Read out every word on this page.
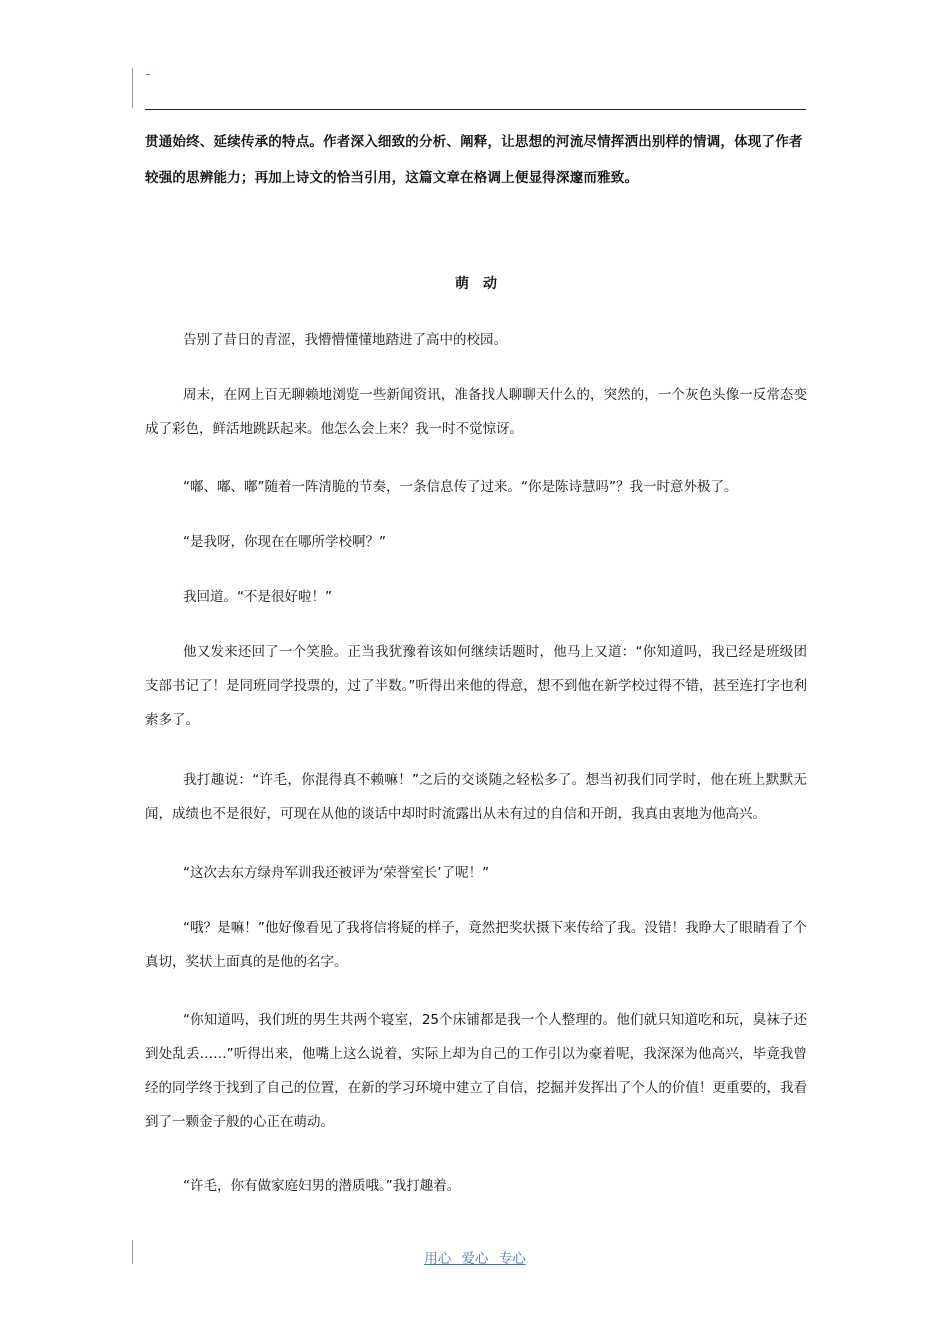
–

贯通始终、延续传承的特点。作者深入细致的分析、阐释，让思想的河流尽情挥洒出别样的情调，体现了作者较强的思辨能力；再加上诗文的恰当引用，这篇文章在格调上便显得深邃而雅致。

萌　动

告别了昔日的青涩，我懵懵懂懂地踏进了高中的校园。

周末，在网上百无聊赖地浏览一些新闻资讯，准备找人聊聊天什么的，突然的，一个灰色头像一反常态变成了彩色，鲜活地跳跃起来。他怎么会上来？我一时不觉惊讶。

“嘟、嘟、嘟”随着一阵清脆的节奏，一条信息传了过来。“你是陈诗慧吗”？我一时意外极了。

“是我呀，你现在在哪所学校啊？”

我回道。“不是很好啦！”

他又发来还回了一个笑脸。正当我犹豫着该如何继续话题时，他马上又道：“你知道吗，我已经是班级团支部书记了！是同班同学投票的，过了半数。”听得出来他的得意，想不到他在新学校过得不错，甚至连打字也利索多了。

我打趣说：“许毛，你混得真不赖嘛！”之后的交谈随之轻松多了。想当初我们同学时，他在班上默默无闻，成绩也不是很好，可现在从他的谈话中却时时流露出从未有过的自信和开朗，我真由衷地为他高兴。

“这次去东方绿舟军训我还被评为‘荣誉室长’了呢！”

“哦？是嘛！”他好像看见了我将信将疑的样子，竟然把奖状摄下来传给了我。没错！我睁大了眼睛看了个真切，奖状上面真的是他的名字。

“你知道吗，我们班的男生共两个寝室，25个床铺都是我一个人整理的。他们就只知道吃和玩，臭袜子还到处乱丢……”听得出来，他嘴上这么说着，实际上却为自己的工作引以为豪着呢，我深深为他高兴，毕竟我曾经的同学终于找到了自己的位置，在新的学习环境中建立了自信，挖掘并发挥出了个人的价值！更重要的，我看到了一颗金子般的心正在萌动。

“许毛，你有做家庭妇男的潜质哦。”我打趣着。

用心 爱心 专心
